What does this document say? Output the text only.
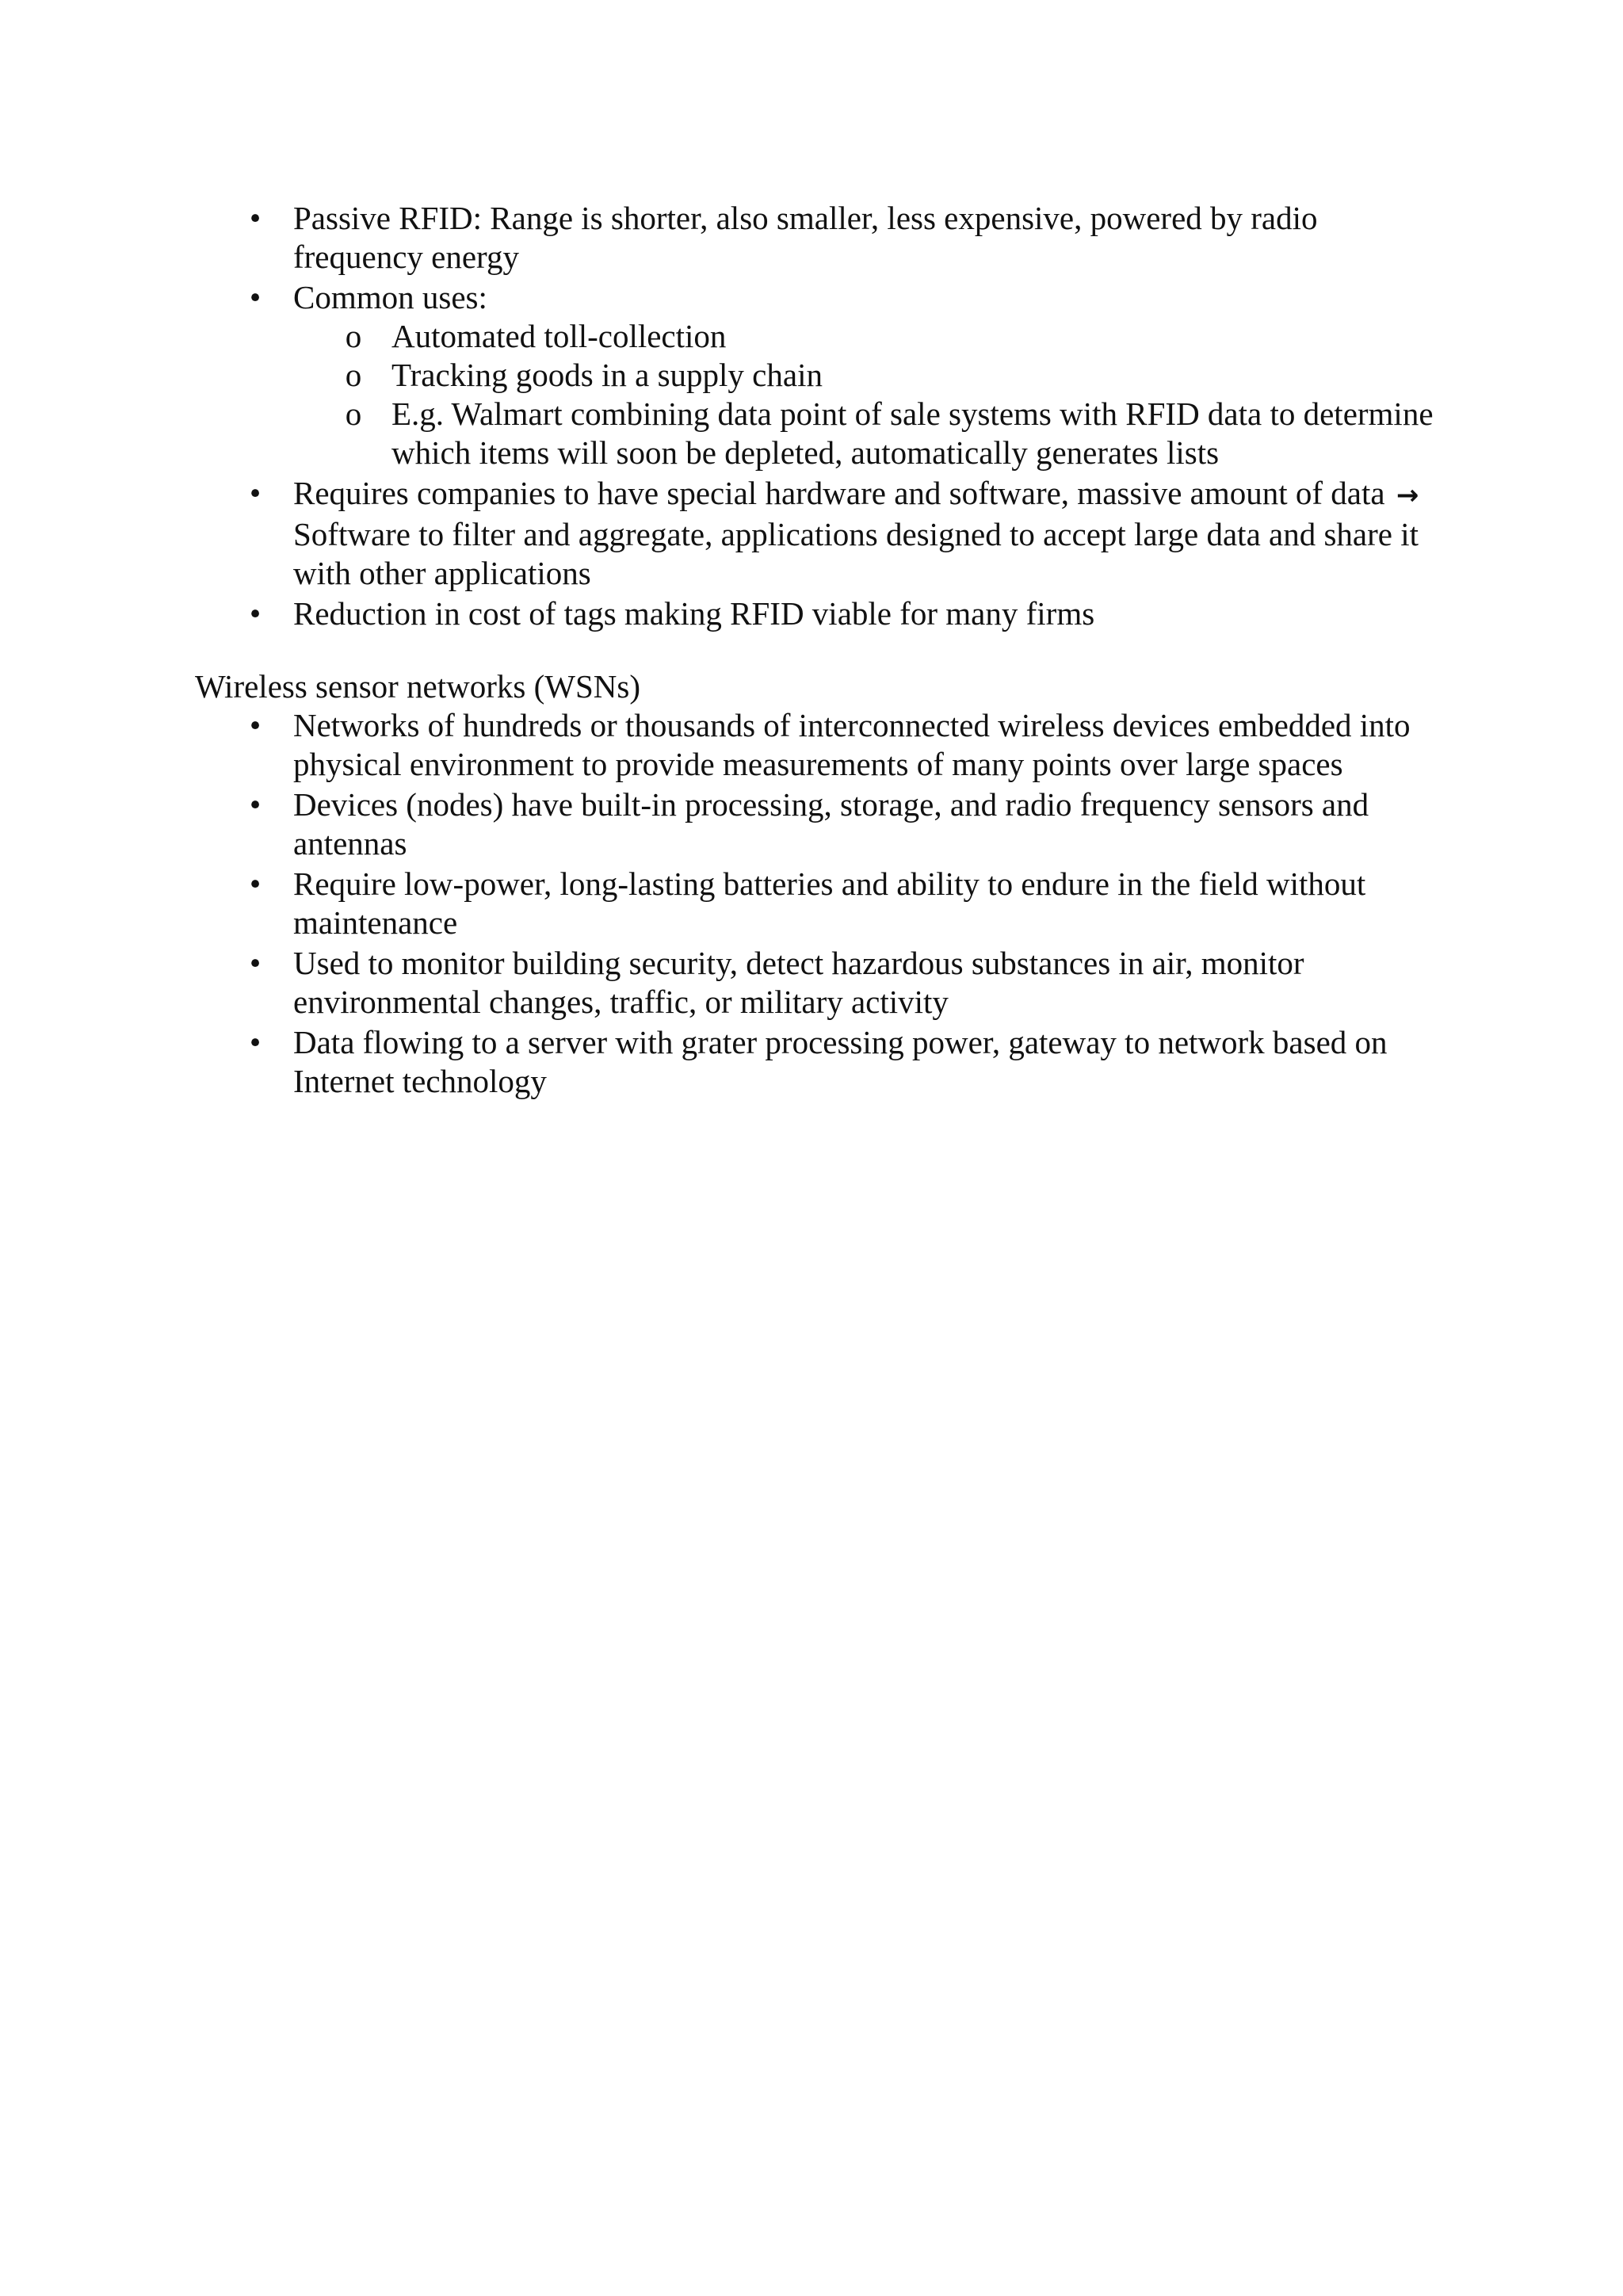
• Passive RFID: Range is shorter, also smaller, less expensive, powered by radio frequency energy
• Common uses:
o Automated toll-collection
o Tracking goods in a supply chain
o E.g. Walmart combining data point of sale systems with RFID data to determine which items will soon be depleted, automatically generates lists
• Requires companies to have special hardware and software, massive amount of data → Software to filter and aggregate, applications designed to accept large data and share it with other applications
• Reduction in cost of tags making RFID viable for many firms

Wireless sensor networks (WSNs)

• Networks of hundreds or thousands of interconnected wireless devices embedded into physical environment to provide measurements of many points over large spaces
• Devices (nodes) have built-in processing, storage, and radio frequency sensors and antennas
• Require low-power, long-lasting batteries and ability to endure in the field without maintenance
• Used to monitor building security, detect hazardous substances in air, monitor environmental changes, traffic, or military activity
• Data flowing to a server with grater processing power, gateway to network based on Internet technology
